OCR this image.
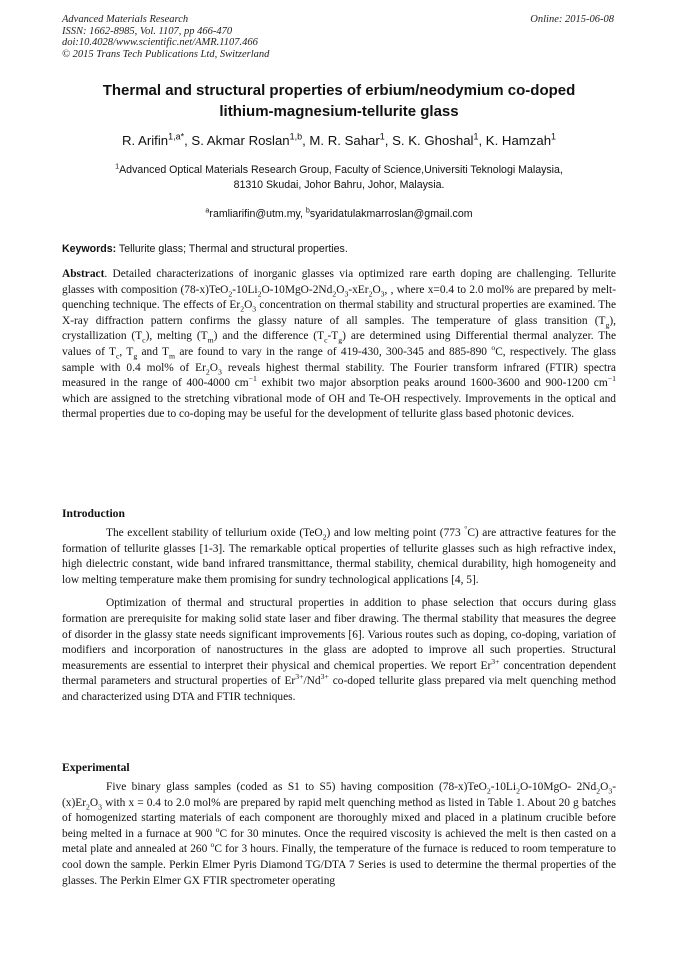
Advanced Materials Research
ISSN: 1662-8985, Vol. 1107, pp 466-470
doi:10.4028/www.scientific.net/AMR.1107.466
© 2015 Trans Tech Publications Ltd, Switzerland
Online: 2015-06-08
Thermal and structural properties of erbium/neodymium co-doped
lithium-magnesium-tellurite glass
R. Arifin$^{1,a*}$, S. Akmar Roslan$^{1,b}$, M. R. Sahar$^1$, S. K. Ghoshal$^1$, K. Hamzah$^1$
$^1$Advanced Optical Materials Research Group, Faculty of Science,Universiti Teknologi Malaysia,
81310 Skudai, Johor Bahru, Johor, Malaysia.
$^a$ramliarifin@utm.my, $^b$syaridatulakmarroslan@gmail.com
Keywords: Tellurite glass; Thermal and structural properties.

Abstract. Detailed characterizations of inorganic glasses via optimized rare earth doping are challenging. Tellurite glasses with composition $(78-x)TeO_2-10Li_2O-10MgO-2Nd_2O_3-xEr_2O_3$, , where x=0.4 to 2.0 mol% are prepared by melt-quenching technique. The effects of $Er_2O_3$ concentration on thermal stability and structural properties are examined. The X-ray diffraction pattern confirms the glassy nature of all samples. The temperature of glass transition $(T_g)$, crystallization $(T_c)$, melting $(T_m)$ and the difference $(T_c-T_g)$ are determined using Differential thermal analyzer. The values of $T_c$, $T_g$ and $T_m$ are found to vary in the range of 419-430, 300-345 and 885-890 $^o$C, respectively. The glass sample with 0.4 mol% of $Er_2O_3$ reveals highest thermal stability. The Fourier transform infrared (FTIR) spectra measured in the range of 400-4000 $cm^{-1}$ exhibit two major absorption peaks around 1600-3600 and 900-1200 $cm^{-1}$ which are assigned to the stretching vibrational mode of OH and Te-OH respectively. Improvements in the optical and thermal properties due to co-doping may be useful for the development of tellurite glass based photonic devices.

Introduction

The excellent stability of tellurium oxide (TeO$_2$) and low melting point (773 °C) are attractive features for the formation of tellurite glasses [1-3]. The remarkable optical properties of tellurite glasses such as high refractive index, high dielectric constant, wide band infrared transmittance, thermal stability, chemical durability, high homogeneity and low melting temperature make them promising for sundry technological applications [4, 5].

Optimization of thermal and structural properties in addition to phase selection that occurs during glass formation are prerequisite for making solid state laser and fiber drawing. The thermal stability that measures the degree of disorder in the glassy state needs significant improvements [6]. Various routes such as doping, co-doping, variation of modifiers and incorporation of nanostructures in the glass are adopted to improve all such properties. Structural measurements are essential to interpret their physical and chemical properties. We report $Er^{3+}$ concentration dependent thermal parameters and structural properties of $Er^{3+}/Nd^{3+}$ co-doped tellurite glass prepared via melt quenching method and characterized using DTA and FTIR techniques.

Experimental

Five binary glass samples (coded as S1 to S5) having composition $(78-x)TeO_2-10Li_2O-10MgO-$ $2Nd_2O_3-(x)Er_2O_3$ with x = 0.4 to 2.0 mol% are prepared by rapid melt quenching method as listed in Table 1. About 20 g batches of homogenized starting materials of each component are thoroughly mixed and placed in a platinum crucible before being melted in a furnace at 900 $^o$C for 30 minutes. Once the required viscosity is achieved the melt is then casted on a metal plate and annealed at 260 $^o$C for 3 hours. Finally, the temperature of the furnace is reduced to room temperature to cool down the sample. Perkin Elmer Pyris Diamond TG/DTA 7 Series is used to determine the thermal properties of the glasses. The Perkin Elmer GX FTIR spectrometer operating
